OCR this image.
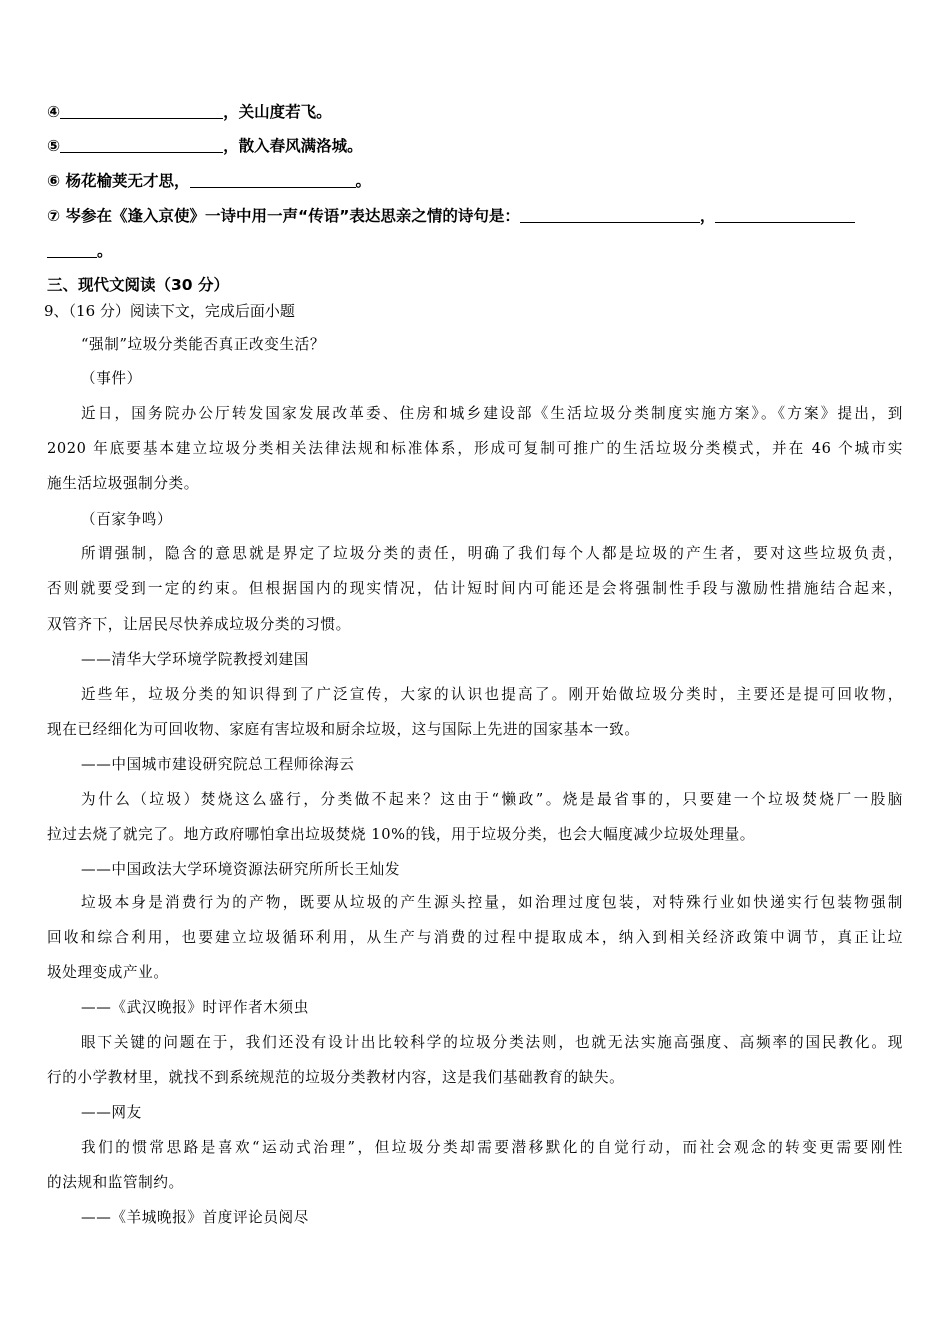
④	，关山度若飞。
⑤	，散入春风满洛城。
⑥ 杨花榆荚无才思，	。
⑦ 岑参在《逢入京使》一诗中用一声“传语”表达思亲之情的诗句是：	，
。
三、现代文阅读（30 分）
9、（16 分）阅读下文，完成后面小题
“强制”垃圾分类能否真正改变生活？
（事件）
近日，国务院办公厅转发国家发展改革委、住房和城乡建设部《生活垃圾分类制度实施方案》。《方案》提出，到
2020 年底要基本建立垃圾分类相关法律法规和标准体系，形成可复制可推广的生活垃圾分类模式，并在 46 个城市实
施生活垃圾强制分类。
（百家争鸣）
所谓强制，隐含的意思就是界定了垃圾分类的责任，明确了我们每个人都是垃圾的产生者，要对这些垃圾负责，
否则就要受到一定的约束。但根据国内的现实情况，估计短时间内可能还是会将强制性手段与激励性措施结合起来，
双管齐下，让居民尽快养成垃圾分类的习惯。
——清华大学环境学院教授刘建国
近些年，垃圾分类的知识得到了广泛宣传，大家的认识也提高了。刚开始做垃圾分类时，主要还是提可回收物，
现在已经细化为可回收物、家庭有害垃圾和厨余垃圾，这与国际上先进的国家基本一致。
——中国城市建设研究院总工程师徐海云
为什么（垃圾）焚烧这么盛行，分类做不起来？这由于“懒政”。烧是最省事的，只要建一个垃圾焚烧厂一股脑
拉过去烧了就完了。地方政府哪怕拿出垃圾焚烧 10%的钱，用于垃圾分类，也会大幅度减少垃圾处理量。
——中国政法大学环境资源法研究所所长王灿发
垃圾本身是消费行为的产物，既要从垃圾的产生源头控量，如治理过度包装，对特殊行业如快递实行包装物强制
回收和综合利用，也要建立垃圾循环利用，从生产与消费的过程中提取成本，纳入到相关经济政策中调节，真正让垃
圾处理变成产业。
——《武汉晚报》时评作者木须虫
眼下关键的问题在于，我们还没有设计出比较科学的垃圾分类法则，也就无法实施高强度、高频率的国民教化。现
行的小学教材里，就找不到系统规范的垃圾分类教材内容，这是我们基础教育的缺失。
——网友
我们的惯常思路是喜欢“运动式治理”，但垃圾分类却需要潜移默化的自觉行动，而社会观念的转变更需要刚性
的法规和监管制约。
——《羊城晚报》首度评论员阅尽
